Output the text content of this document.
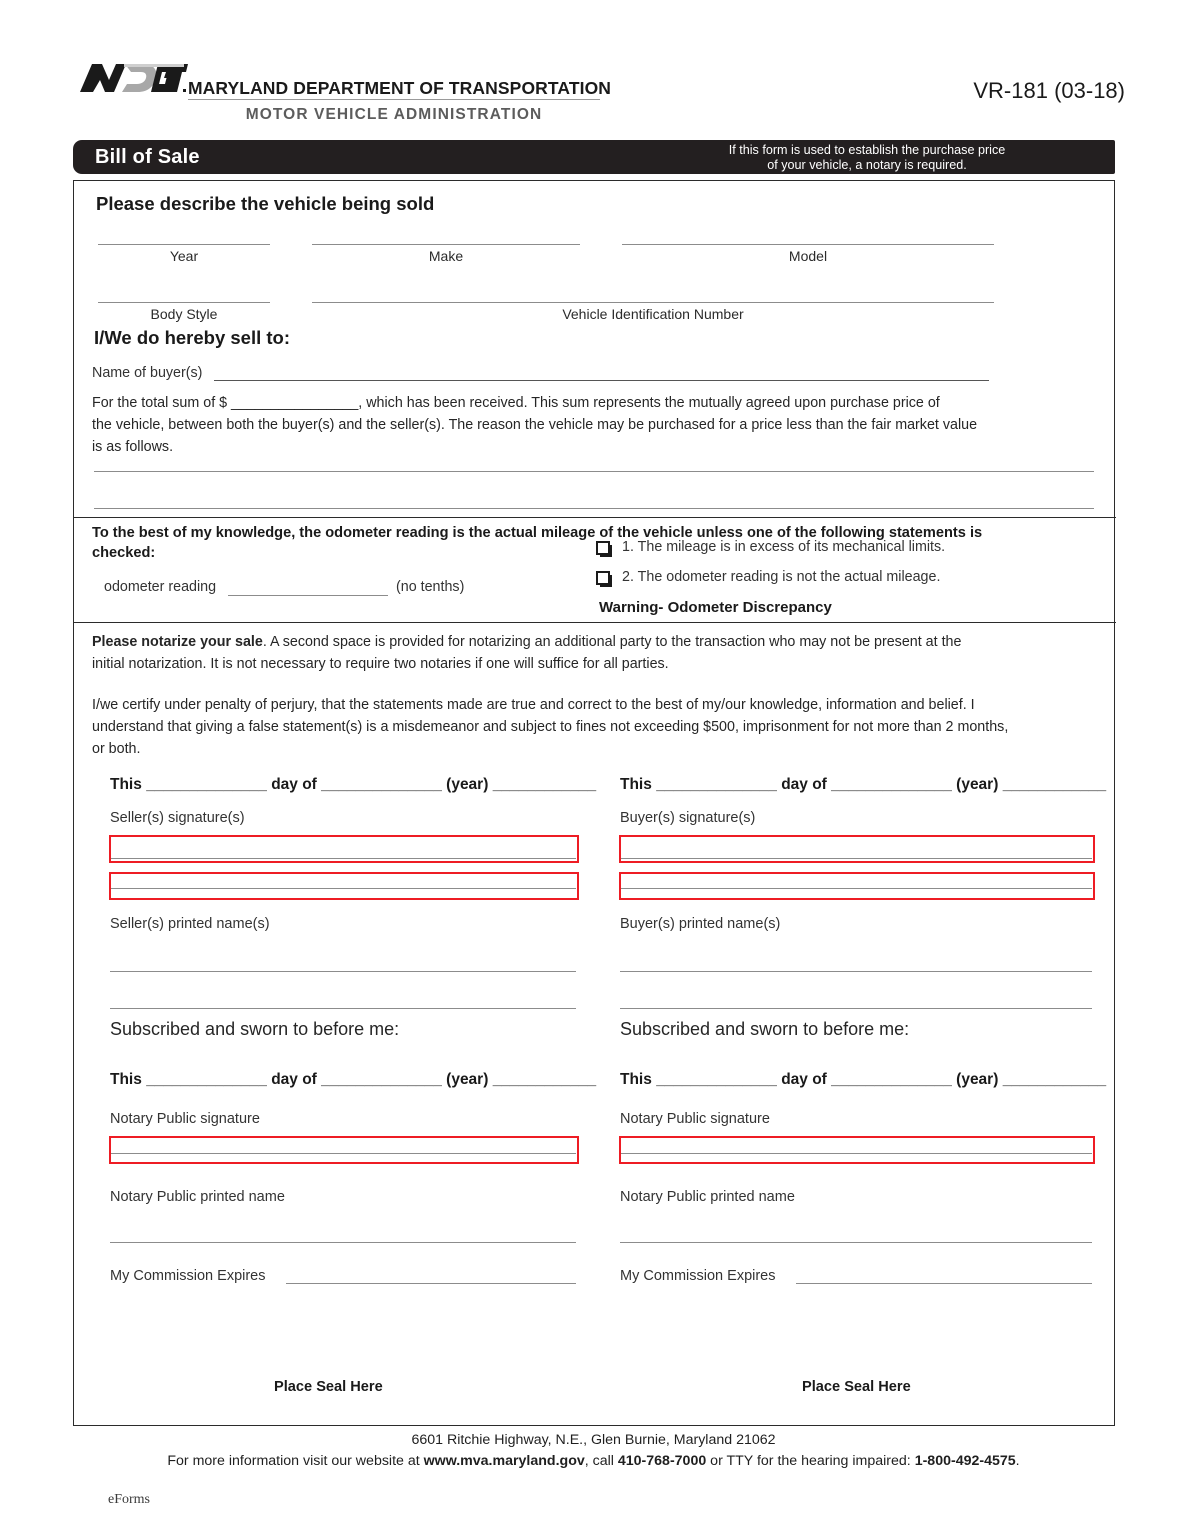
MARYLAND DEPARTMENT OF TRANSPORTATION
MOTOR VEHICLE ADMINISTRATION
VR-181 (03-18)
Bill of Sale	If this form is used to establish the purchase price
of your vehicle, a notary is required.
Please describe the vehicle being sold
Year	Make	Model
Body Style	Vehicle Identification Number
I/We do hereby sell to:
Name of buyer(s)
For the total sum of $ ________________, which has been received. This sum represents the mutually agreed upon purchase price of
the vehicle, between both the buyer(s) and the seller(s). The reason the vehicle may be purchased for a price less than the fair market value
is as follows.
To the best of my knowledge, the odometer reading is the actual mileage of the vehicle unless one of the following statements is
checked:
odometer reading	(no tenths)
1. The mileage is in excess of its mechanical limits.
2. The odometer reading is not the actual mileage.
Warning- Odometer Discrepancy
Please notarize your sale. A second space is provided for notarizing an additional party to the transaction who may not be present at the
initial notarization. It is not necessary to require two notaries if one will suffice for all parties.
I/we certify under penalty of perjury, that the statements made are true and correct to the best of my/our knowledge, information and belief. I
understand that giving a false statement(s) is a misdemeanor and subject to fines not exceeding $500, imprisonment for not more than 2 months,
or both.
This ______________ day of ______________ (year) ____________
Seller(s) signature(s)
Seller(s) printed name(s)
Subscribed and sworn to before me:
This ______________ day of ______________ (year) ____________
Notary Public signature
Notary Public printed name
My Commission Expires
Place Seal Here
This ______________ day of ______________ (year) ____________
Buyer(s) signature(s)
Buyer(s) printed name(s)
Subscribed and sworn to before me:
This ______________ day of ______________ (year) ____________
Notary Public signature
Notary Public printed name
My Commission Expires
Place Seal Here
6601 Ritchie Highway, N.E., Glen Burnie, Maryland 21062
For more information visit our website at www.mva.maryland.gov, call 410-768-7000 or TTY for the hearing impaired: 1-800-492-4575.
eForms
